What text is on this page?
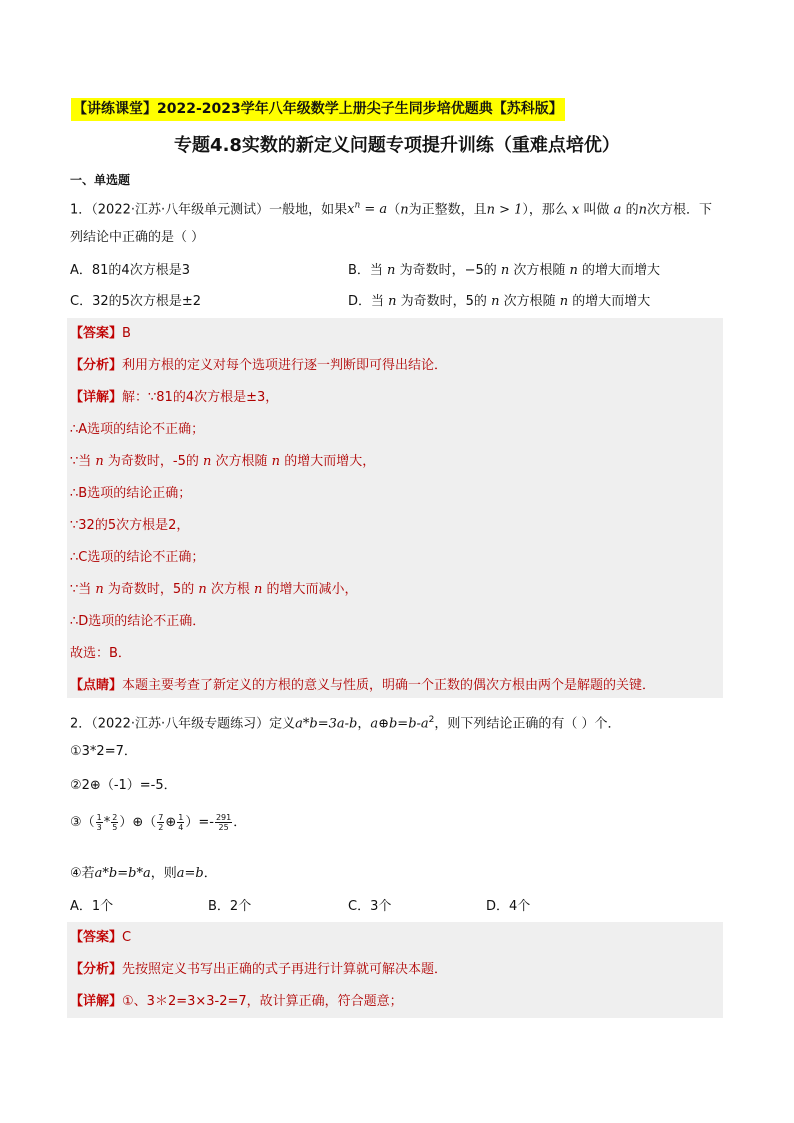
【讲练课堂】2022-2023学年八年级数学上册尖子生同步培优题典【苏科版】
专题4.8实数的新定义问题专项提升训练（重难点培优）
一、单选题
1．（2022·江苏·八年级单元测试）一般地，如果$x^n = a(n$为正整数，且n > 1），那么 x 叫做 a 的n次方根．下
列结论中正确的是（ ）
A．81的4次方根是3	B．当 n 为奇数时，−5的 n 次方根随 n 的增大而增大
C．32的5次方根是±2	D．当 n 为奇数时，5的 n 次方根随 n 的增大而增大
【答案】B
【分析】利用方根的定义对每个选项进行逐一判断即可得出结论．
【详解】解：∵81的4次方根是±3，
∴A选项的结论不正确；
∵当 n 为奇数时，-5的 n 次方根随 n 的增大而增大，
∴B选项的结论正确；
∵32的5次方根是2，
∴C选项的结论不正确；
∵当 n 为奇数时，5的 n 次方根 n 的增大而减小，
∴D选项的结论不正确．
故选：B．
【点睛】本题主要考查了新定义的方根的意义与性质，明确一个正数的偶次方根由两个是解题的关键．
2．（2022·江苏·八年级专题练习）定义a*b=3a-b，$a\oplus b=b-a^2$，则下列结论正确的有（ ）个．
①3*2=7．
②2⊕（-1）=-5．
③（ $\frac{1}{3} * \frac{2}{5}$ ）⊕（ $\frac{7}{2}$ ⊕ $\frac{1}{4}$ ）=- $\frac{291}{25}$ ．
④若a*b=b*a，则a=b．
A．1个	B．2个	C．3个	D．4个
【答案】C
【分析】先按照定义书写出正确的式子再进行计算就可解决本题．
【详解】①、3＊2=3×3-2=7，故计算正确，符合题意；
